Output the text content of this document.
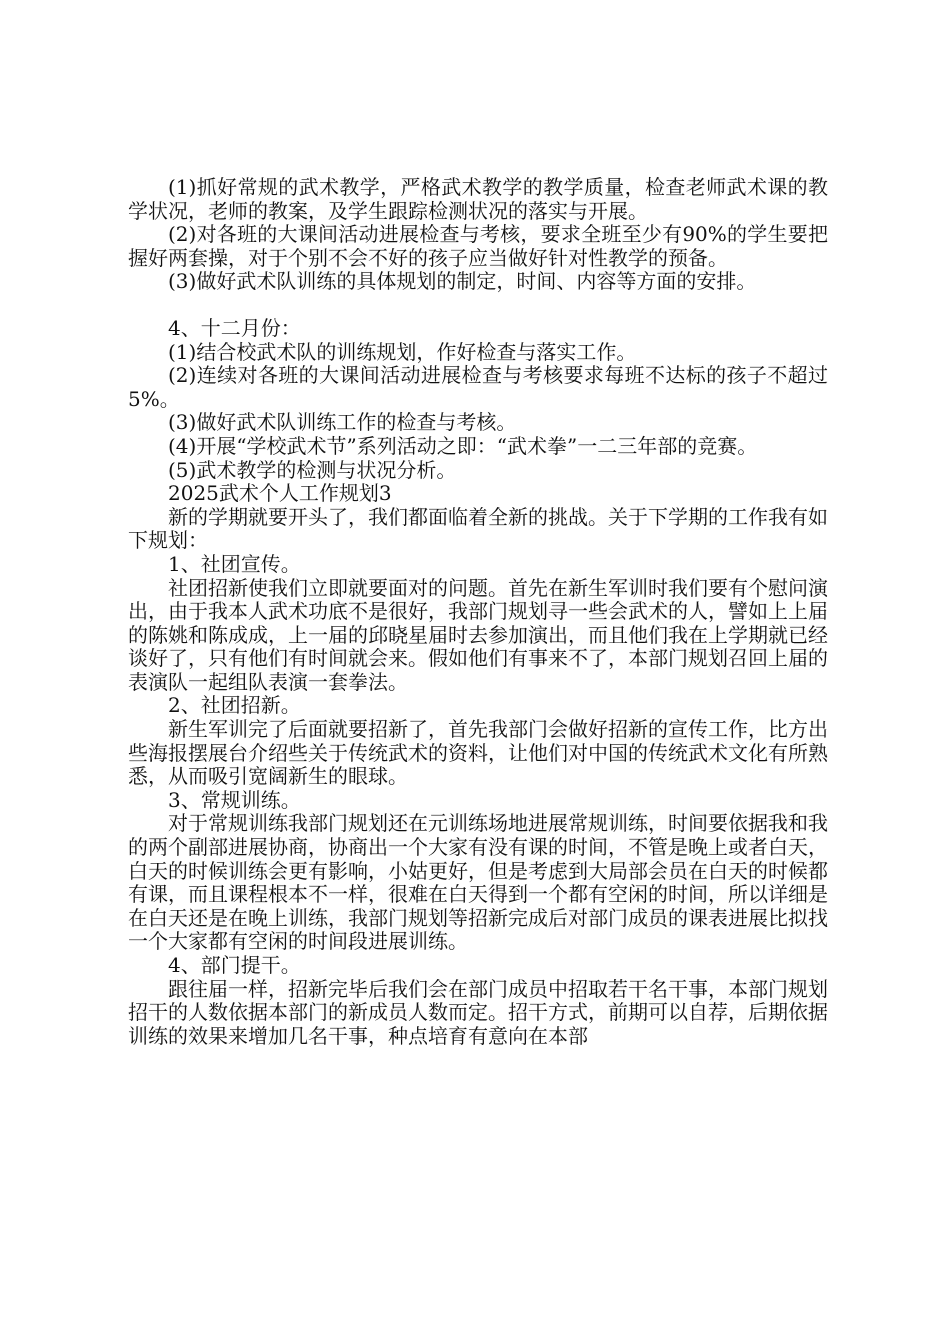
(1)抓好常规的武术教学，严格武术教学的教学质量，检查老师武术课的教学状况，老师的教案，及学生跟踪检测状况的落实与开展。

(2)对各班的大课间活动进展检查与考核，要求全班至少有90%的学生要把握好两套操，对于个别不会不好的孩子应当做好针对性教学的预备。

(3)做好武术队训练的具体规划的制定，时间、内容等方面的安排。

4、十二月份：

(1)结合校武术队的训练规划，作好检查与落实工作。

(2)连续对各班的大课间活动进展检查与考核要求每班不达标的孩子不超过5%。

(3)做好武术队训练工作的检查与考核。

(4)开展“学校武术节”系列活动之即：“武术拳”一二三年部的竞赛。

(5)武术教学的检测与状况分析。

2025武术个人工作规划3

新的学期就要开头了，我们都面临着全新的挑战。关于下学期的工作我有如下规划：

1、社团宣传。

社团招新使我们立即就要面对的问题。首先在新生军训时我们要有个慰问演出，由于我本人武术功底不是很好，我部门规划寻一些会武术的人，譬如上上届的陈姚和陈成成，上一届的邱晓星届时去参加演出，而且他们我在上学期就已经谈好了，只有他们有时间就会来。假如他们有事来不了，本部门规划召回上届的表演队一起组队表演一套拳法。

2、社团招新。

新生军训完了后面就要招新了，首先我部门会做好招新的宣传工作，比方出些海报摆展台介绍些关于传统武术的资料，让他们对中国的传统武术文化有所熟悉，从而吸引宽阔新生的眼球。

3、常规训练。

对于常规训练我部门规划还在元训练场地进展常规训练，时间要依据我和我的两个副部进展协商，协商出一个大家有没有课的时间，不管是晚上或者白天，白天的时候训练会更有影响，小姑更好，但是考虑到大局部会员在白天的时候都有课，而且课程根本不一样，很难在白天得到一个都有空闲的时间，所以详细是在白天还是在晚上训练，我部门规划等招新完成后对部门成员的课表进展比拟找一个大家都有空闲的时间段进展训练。

4、部门提干。

跟往届一样，招新完毕后我们会在部门成员中招取若干名干事，本部门规划招干的人数依据本部门的新成员人数而定。招干方式，前期可以自荐，后期依据训练的效果来增加几名干事，种点培育有意向在本部
